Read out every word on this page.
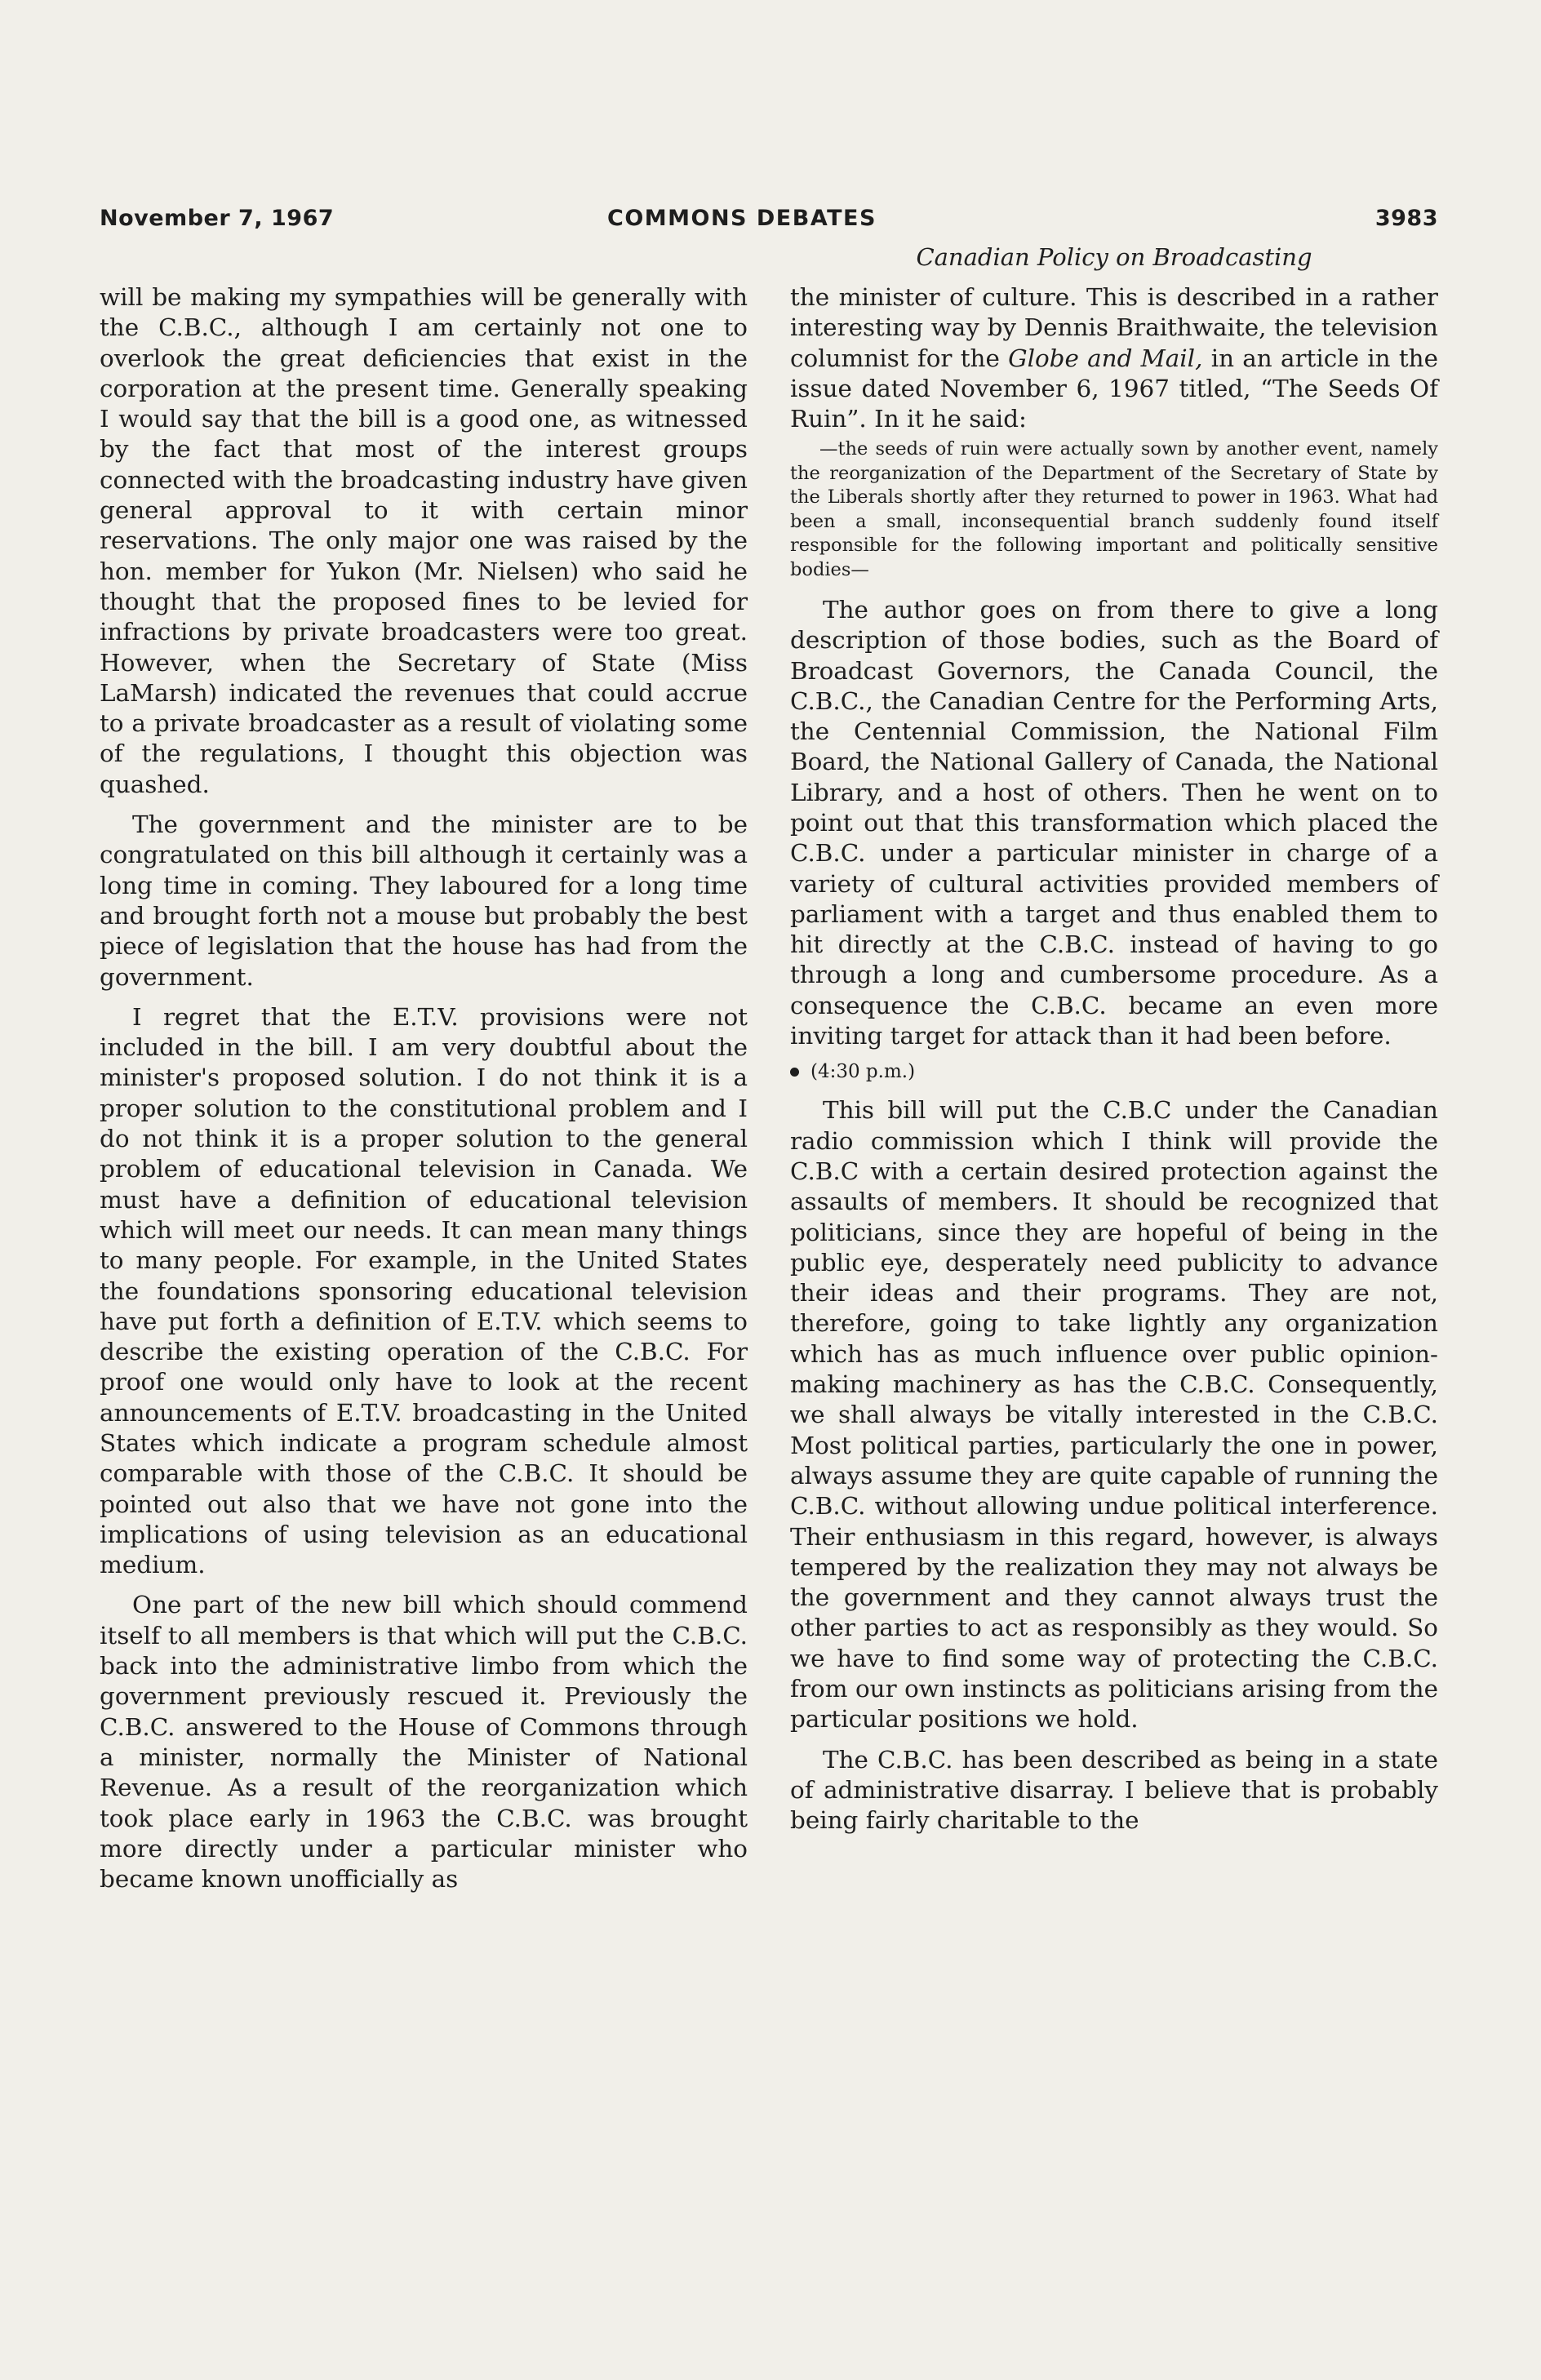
November 7, 1967	COMMONS DEBATES	3983
Canadian Policy on Broadcasting

will be making my sympathies will be generally with the C.B.C., although I am certainly not one to overlook the great deficiencies that exist in the corporation at the present time. Generally speaking I would say that the bill is a good one, as witnessed by the fact that most of the interest groups connected with the broadcasting industry have given general approval to it with certain minor reservations. The only major one was raised by the hon. member for Yukon (Mr. Nielsen) who said he thought that the proposed fines to be levied for infractions by private broadcasters were too great. However, when the Secretary of State (Miss LaMarsh) indicated the revenues that could accrue to a private broadcaster as a result of violating some of the regulations, I thought this objection was quashed.

The government and the minister are to be congratulated on this bill although it certainly was a long time in coming. They laboured for a long time and brought forth not a mouse but probably the best piece of legislation that the house has had from the government.

I regret that the E.T.V. provisions were not included in the bill. I am very doubtful about the minister's proposed solution. I do not think it is a proper solution to the constitutional problem and I do not think it is a proper solution to the general problem of educational television in Canada. We must have a definition of educational television which will meet our needs. It can mean many things to many people. For example, in the United States the foundations sponsoring educational television have put forth a definition of E.T.V. which seems to describe the existing operation of the C.B.C. For proof one would only have to look at the recent announcements of E.T.V. broadcasting in the United States which indicate a program schedule almost comparable with those of the C.B.C. It should be pointed out also that we have not gone into the implications of using television as an educational medium.

One part of the new bill which should commend itself to all members is that which will put the C.B.C. back into the administrative limbo from which the government previously rescued it. Previously the C.B.C. answered to the House of Commons through a minister, normally the Minister of National Revenue. As a result of the reorganization which took place early in 1963 the C.B.C. was brought more directly under a particular minister who became known unofficially as

the minister of culture. This is described in a rather interesting way by Dennis Braithwaite, the television columnist for the Globe and Mail, in an article in the issue dated November 6, 1967 titled, “The Seeds Of Ruin”. In it he said:

—the seeds of ruin were actually sown by another event, namely the reorganization of the Department of the Secretary of State by the Liberals shortly after they returned to power in 1963. What had been a small, inconsequential branch suddenly found itself responsible for the following important and politically sensitive bodies—

The author goes on from there to give a long description of those bodies, such as the Board of Broadcast Governors, the Canada Council, the C.B.C., the Canadian Centre for the Performing Arts, the Centennial Commission, the National Film Board, the National Gallery of Canada, the National Library, and a host of others. Then he went on to point out that this transformation which placed the C.B.C. under a particular minister in charge of a variety of cultural activities provided members of parliament with a target and thus enabled them to hit directly at the C.B.C. instead of having to go through a long and cumbersome procedure. As a consequence the C.B.C. became an even more inviting target for attack than it had been before.

(4:30 p.m.)

This bill will put the C.B.C under the Canadian radio commission which I think will provide the C.B.C with a certain desired protection against the assaults of members. It should be recognized that politicians, since they are hopeful of being in the public eye, desperately need publicity to advance their ideas and their programs. They are not, therefore, going to take lightly any organization which has as much influence over public opinion-making machinery as has the C.B.C. Consequently, we shall always be vitally interested in the C.B.C. Most political parties, particularly the one in power, always assume they are quite capable of running the C.B.C. without allowing undue political interference. Their enthusiasm in this regard, however, is always tempered by the realization they may not always be the government and they cannot always trust the other parties to act as responsibly as they would. So we have to find some way of protecting the C.B.C. from our own instincts as politicians arising from the particular positions we hold.

The C.B.C. has been described as being in a state of administrative disarray. I believe that is probably being fairly charitable to the
